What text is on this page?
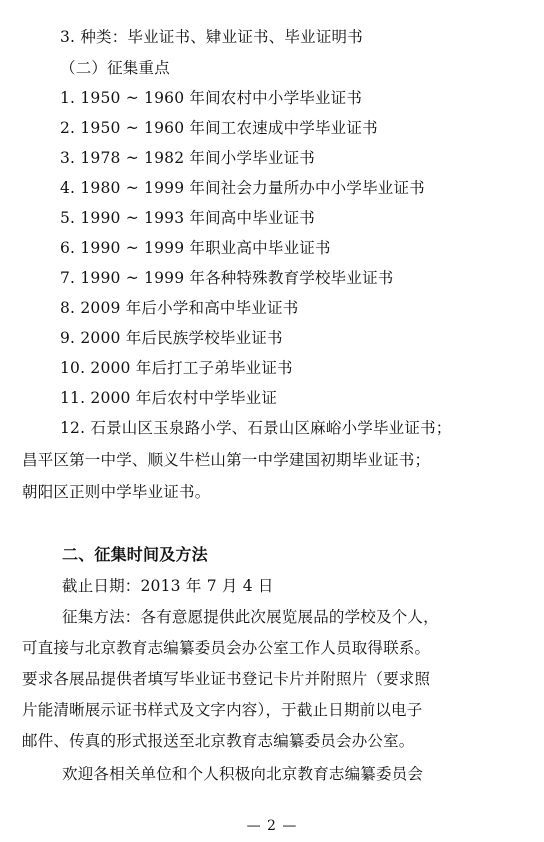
3. 种类：毕业证书、肄业证书、毕业证明书
（二）征集重点
1. 1950 ~ 1960 年间农村中小学毕业证书
2. 1950 ~ 1960 年间工农速成中学毕业证书
3. 1978 ~ 1982 年间小学毕业证书
4. 1980 ~ 1999 年间社会力量所办中小学毕业证书
5. 1990 ~ 1993 年间高中毕业证书
6. 1990 ~ 1999 年职业高中毕业证书
7. 1990 ~ 1999 年各种特殊教育学校毕业证书
8. 2009 年后小学和高中毕业证书
9. 2000 年后民族学校毕业证书
10. 2000 年后打工子弟毕业证书
11. 2000 年后农村中学毕业证
12. 石景山区玉泉路小学、石景山区麻峪小学毕业证书；
昌平区第一中学、顺义牛栏山第一中学建国初期毕业证书；
朝阳区正则中学毕业证书。
二、征集时间及方法
截止日期：2013 年 7 月 4 日
征集方法：各有意愿提供此次展览展品的学校及个人，
可直接与北京教育志编纂委员会办公室工作人员取得联系。
要求各展品提供者填写毕业证书登记卡片并附照片（要求照
片能清晰展示证书样式及文字内容），于截止日期前以电子
邮件、传真的形式报送至北京教育志编纂委员会办公室。
欢迎各相关单位和个人积极向北京教育志编纂委员会
— 2 —
